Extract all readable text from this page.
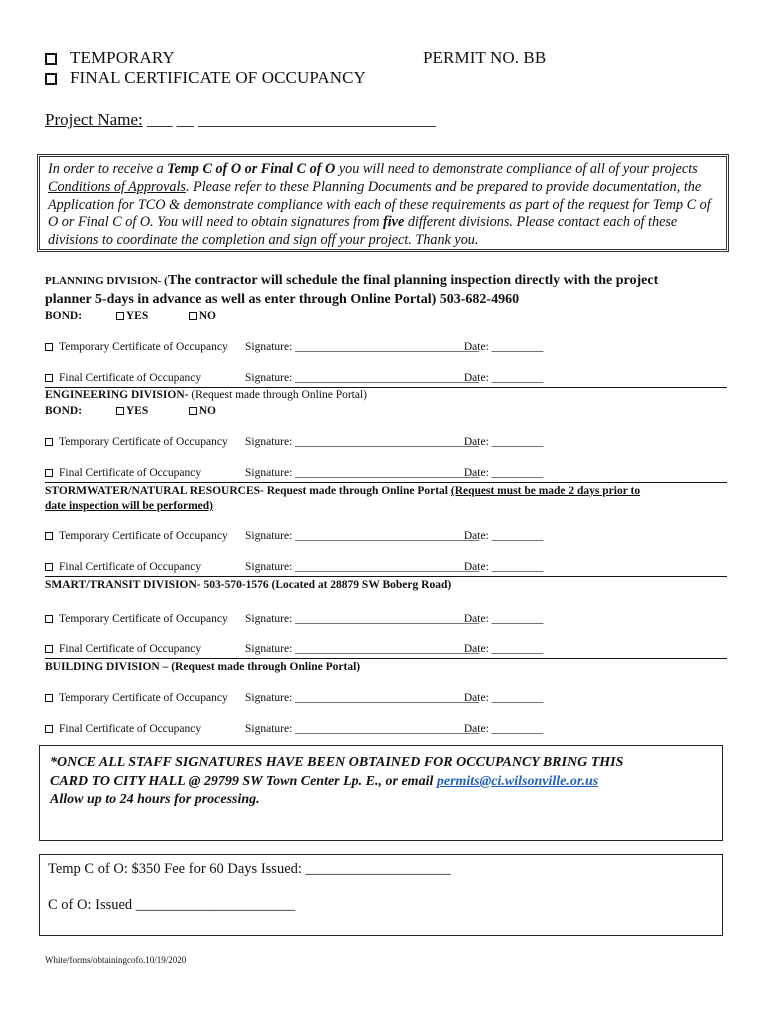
TEMPORARY	PERMIT NO. BB
FINAL CERTIFICATE OF OCCUPANCY
Project Name: ___ __ ____________________________
In order to receive a Temp C of O or Final C of O you will need to demonstrate compliance of all of your projects Conditions of Approvals. Please refer to these Planning Documents and be prepared to provide documentation, the Application for TCO & demonstrate compliance with each of these requirements as part of the request for Temp C of O or Final C of O. You will need to obtain signatures from five different divisions. Please contact each of these divisions to coordinate the completion and sign off your project. Thank you.
PLANNING DIVISION- (The contractor will schedule the final planning inspection directly with the project
planner 5-days in advance as well as enter through Online Portal) 503-682-4960
BOND:	YES	NO
Temporary Certificate of Occupancy Signature: ________________________________ Date: _________
Final Certificate of Occupancy	Signature: ________________________________ Date: _________
ENGINEERING DIVISION- (Request made through Online Portal)
BOND:	YES	NO
Temporary Certificate of Occupancy Signature: ________________________________ Date: _________
Final Certificate of Occupancy	Signature: ________________________________ Date: _________
STORMWATER/NATURAL RESOURCES- Request made through Online Portal (Request must be made 2 days prior to
date inspection will be performed)
Temporary Certificate of Occupancy Signature: ________________________________ Date: _________
Final Certificate of Occupancy	Signature: ________________________________ Date: _________
SMART/TRANSIT DIVISION- 503-570-1576 (Located at 28879 SW Boberg Road)
Temporary Certificate of Occupancy Signature: ________________________________ Date: _________
Final Certificate of Occupancy	Signature: ________________________________ Date: _________
BUILDING DIVISION – (Request made through Online Portal)
Temporary Certificate of Occupancy Signature: ________________________________ Date: _________
Final Certificate of Occupancy	Signature: ________________________________ Date: _________
*ONCE ALL STAFF SIGNATURES HAVE BEEN OBTAINED FOR OCCUPANCY BRING THIS
CARD TO CITY HALL @ 29799 SW Town Center Lp. E., or email permits@ci.wilsonville.or.us
Allow up to 24 hours for processing.
Temp C of O: $350 Fee for 60 Days Issued: ____________________
C of O: Issued ______________________
White/forms/obtainingcofo.10/19/2020
